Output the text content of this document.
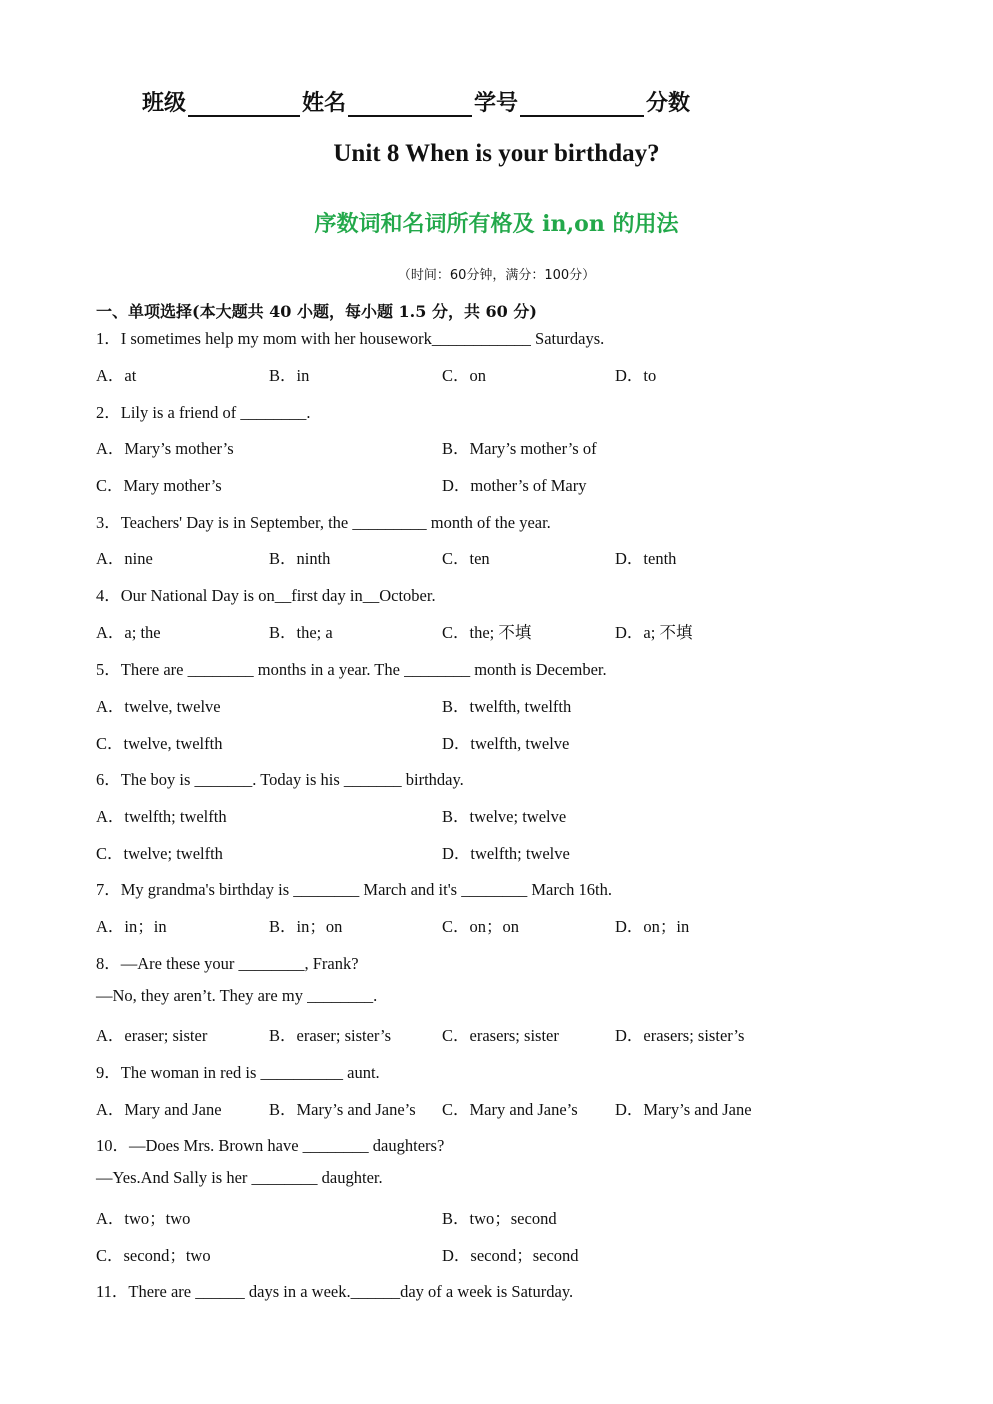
班级	姓名	学号	分数
Unit 8 When is your birthday?
序数词和名词所有格及 in,on 的用法
（时间：60分钟，满分：100分）
一、单项选择(本大题共 40 小题，每小题 1.5 分，共 60 分)
1．I sometimes help my mom with her housework____________ Saturdays.
A．at	B．in	C．on	D．to
2．Lily is a friend of ________.
A．Mary’s mother’s	B．Mary’s mother’s of
C．Mary mother’s	D．mother’s of Mary
3．Teachers' Day is in September, the _________ month of the year.
A．nine	B．ninth	C．ten	D．tenth
4．Our National Day is on__first day in__October.
A．a; the	B．the; a	C．the; 不填	D．a; 不填
5．There are ________ months in a year. The ________ month is December.
A．twelve, twelve	B．twelfth, twelfth
C．twelve, twelfth	D．twelfth, twelve
6．The boy is _______. Today is his _______ birthday.
A．twelfth; twelfth	B．twelve; twelve
C．twelve; twelfth	D．twelfth; twelve
7．My grandma's birthday is ________ March and it's ________ March 16th.
A．in；in	B．in；on	C．on；on	D．on；in
8．—Are these your ________, Frank?
—No, they aren’t. They are my ________.
A．eraser; sister	B．eraser; sister’s	C．erasers; sister	D．erasers; sister’s
9．The woman in red is __________ aunt.
A．Mary and Jane	B．Mary’s and Jane’s C．Mary and Jane’s D．Mary’s and Jane
10．—Does Mrs. Brown have ________ daughters?
—Yes.And Sally is her ________ daughter.
A．two；two	B．two；second
C．second；two	D．second；second
11．There are ______ days in a week.______day of a week is Saturday.
